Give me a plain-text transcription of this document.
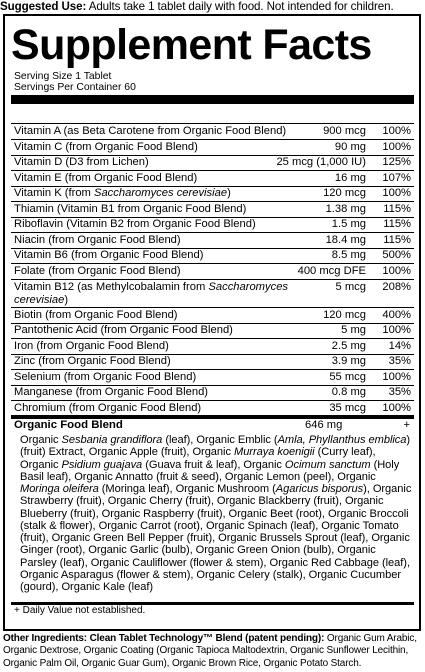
Suggested Use: Adults take 1 tablet daily with food. Not intended for children.
Supplement Facts
Serving Size 1 Tablet
Servings Per Container 60
Vitamin A (as Beta Carotene from Organic Food Blend)	900 mcg 100%
Vitamin C (from Organic Food Blend)	90 mg 100%
Vitamin D (D3 from Lichen)	25 mcg (1,000 IU) 125%
Vitamin E (from Organic Food Blend)	16 mg 107%
Vitamin K (from Saccharomyces cerevisiae)	120 mcg 100%
Thiamin (Vitamin B1 from Organic Food Blend)	1.38 mg 115%
Riboflavin (Vitamin B2 from Organic Food Blend)	1.5 mg 115%
Niacin (from Organic Food Blend)	18.4 mg 115%
Vitamin B6 (from Organic Food Blend)	8.5 mg 500%
Folate (from Organic Food Blend)	400 mcg DFE 100%
Vitamin B12 (as Methylcobalamin from Saccharomyces cerevisiae)
5 mcg 208%
Biotin (from Organic Food Blend)	120 mcg 400%
Pantothenic Acid (from Organic Food Blend)	5 mg 100%
Iron (from Organic Food Blend)	2.5 mg 14%
Zinc (from Organic Food Blend)	3.9 mg 35%
Selenium (from Organic Food Blend)	55 mcg 100%
Manganese (from Organic Food Blend)	0.8 mg 35%
Chromium (from Organic Food Blend)	35 mcg 100%
Organic Food Blend	646 mg	+
Organic Sesbania grandiflora (leaf), Organic Emblic (Amla, Phyllanthus emblica) (fruit) Extract, Organic Apple (fruit), Organic Murraya koenigii (Curry leaf), Organic Psidium guajava (Guava fruit & leaf), Organic Ocimum sanctum (Holy Basil leaf), Organic Annatto (fruit & seed), Organic Lemon (peel), Organic Moringa oleifera (Moringa leaf), Organic Mushroom (Agaricus bisporus), Organic Strawberry (fruit), Organic Cherry (fruit), Organic Blackberry (fruit), Organic Blueberry (fruit), Organic Raspberry (fruit), Organic Beet (root), Organic Broccoli (stalk & flower), Organic Carrot (root), Organic Spinach (leaf), Organic Tomato (fruit), Organic Green Bell Pepper (fruit), Organic Brussels Sprout (leaf), Organic Ginger (root), Organic Garlic (bulb), Organic Green Onion (bulb), Organic Parsley (leaf), Organic Cauliflower (flower & stem), Organic Red Cabbage (leaf), Organic Asparagus (flower & stem), Organic Celery (stalk), Organic Cucumber (gourd), Organic Kale (leaf)
+ Daily Value not established.
Other Ingredients: Clean Tablet Technology™ Blend (patent pending): Organic Gum Arabic, Organic Dextrose, Organic Coating (Organic Tapioca Maltodextrin, Organic Sunflower Lecithin, Organic Palm Oil, Organic Guar Gum), Organic Brown Rice, Organic Potato Starch.
